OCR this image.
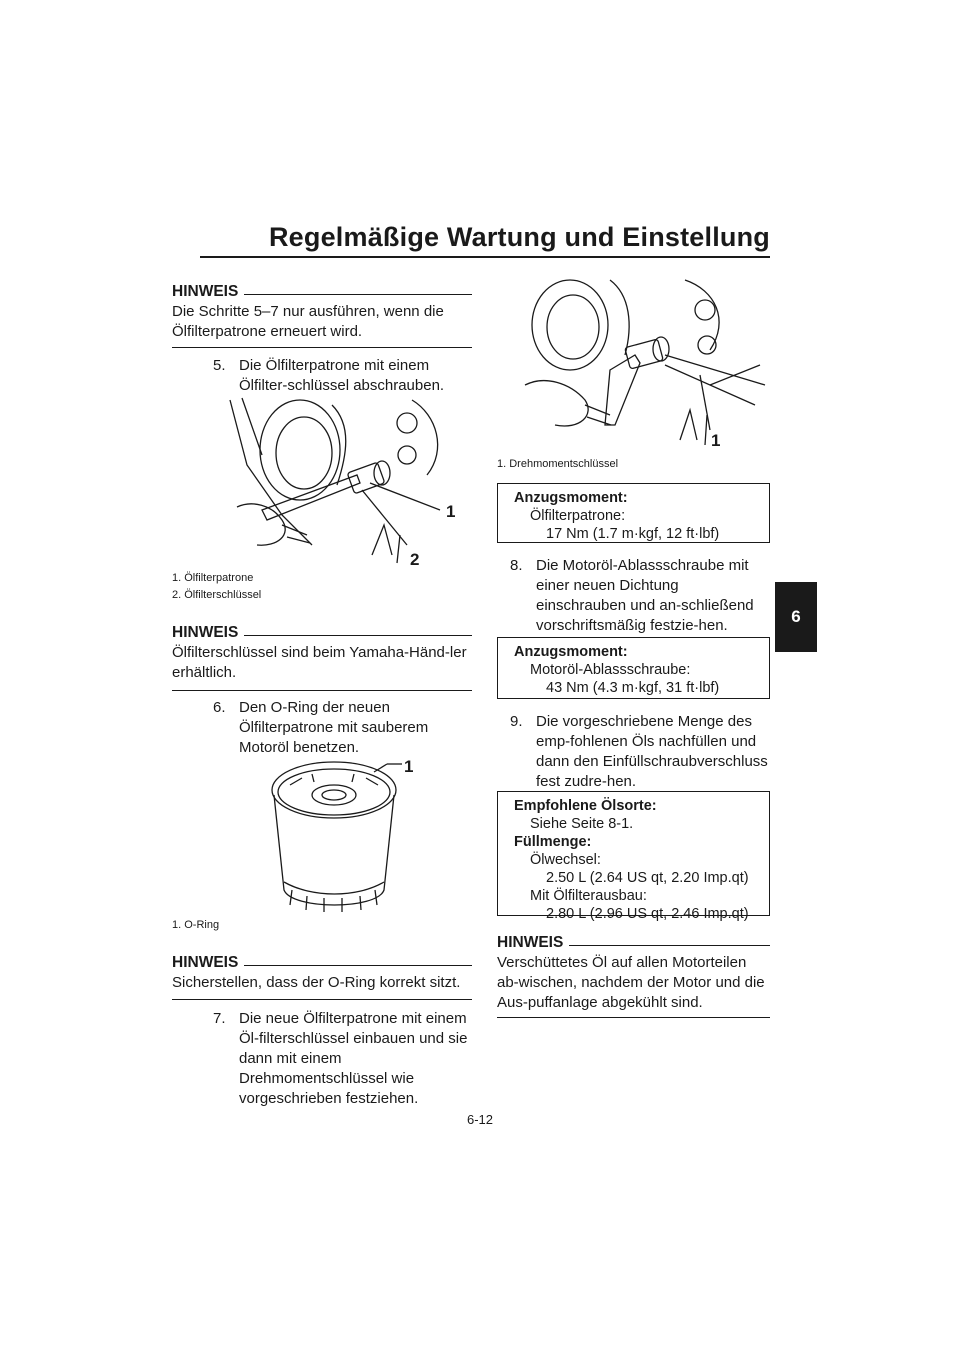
Regelmäßige Wartung und Einstellung
6
HINWEIS
Die Schritte 5–7 nur ausführen, wenn die Ölfilterpatrone erneuert wird.
5. Die Ölfilterpatrone mit einem Ölfilter-schlüssel abschrauben.
1
2
1. Ölfilterpatrone
2. Ölfilterschlüssel
HINWEIS
Ölfilterschlüssel sind beim Yamaha-Händ-ler erhältlich.
6. Den O-Ring der neuen Ölfilterpatrone mit sauberem Motoröl benetzen.
1
1. O-Ring
HINWEIS
Sicherstellen, dass der O-Ring korrekt sitzt.
7. Die neue Ölfilterpatrone mit einem Öl-filterschlüssel einbauen und sie dann mit einem Drehmomentschlüssel wie vorgeschrieben festziehen.
1
1. Drehmomentschlüssel
Anzugsmoment:
Ölfilterpatrone:
17 Nm (1.7 m·kgf, 12 ft·lbf)
8. Die Motoröl-Ablassschraube mit einer neuen Dichtung einschrauben und an-schließend vorschriftsmäßig festzie-hen.
Anzugsmoment:
Motoröl-Ablassschraube:
43 Nm (4.3 m·kgf, 31 ft·lbf)
9. Die vorgeschriebene Menge des emp-fohlenen Öls nachfüllen und dann den Einfüllschraubverschluss fest zudre-hen.
Empfohlene Ölsorte:
Siehe Seite 8-1.
Füllmenge:
Ölwechsel:
2.50 L (2.64 US qt, 2.20 Imp.qt)
Mit Ölfilterausbau:
2.80 L (2.96 US qt, 2.46 Imp.qt)
HINWEIS
Verschüttetes Öl auf allen Motorteilen ab-wischen, nachdem der Motor und die Aus-puffanlage abgekühlt sind.
6-12
